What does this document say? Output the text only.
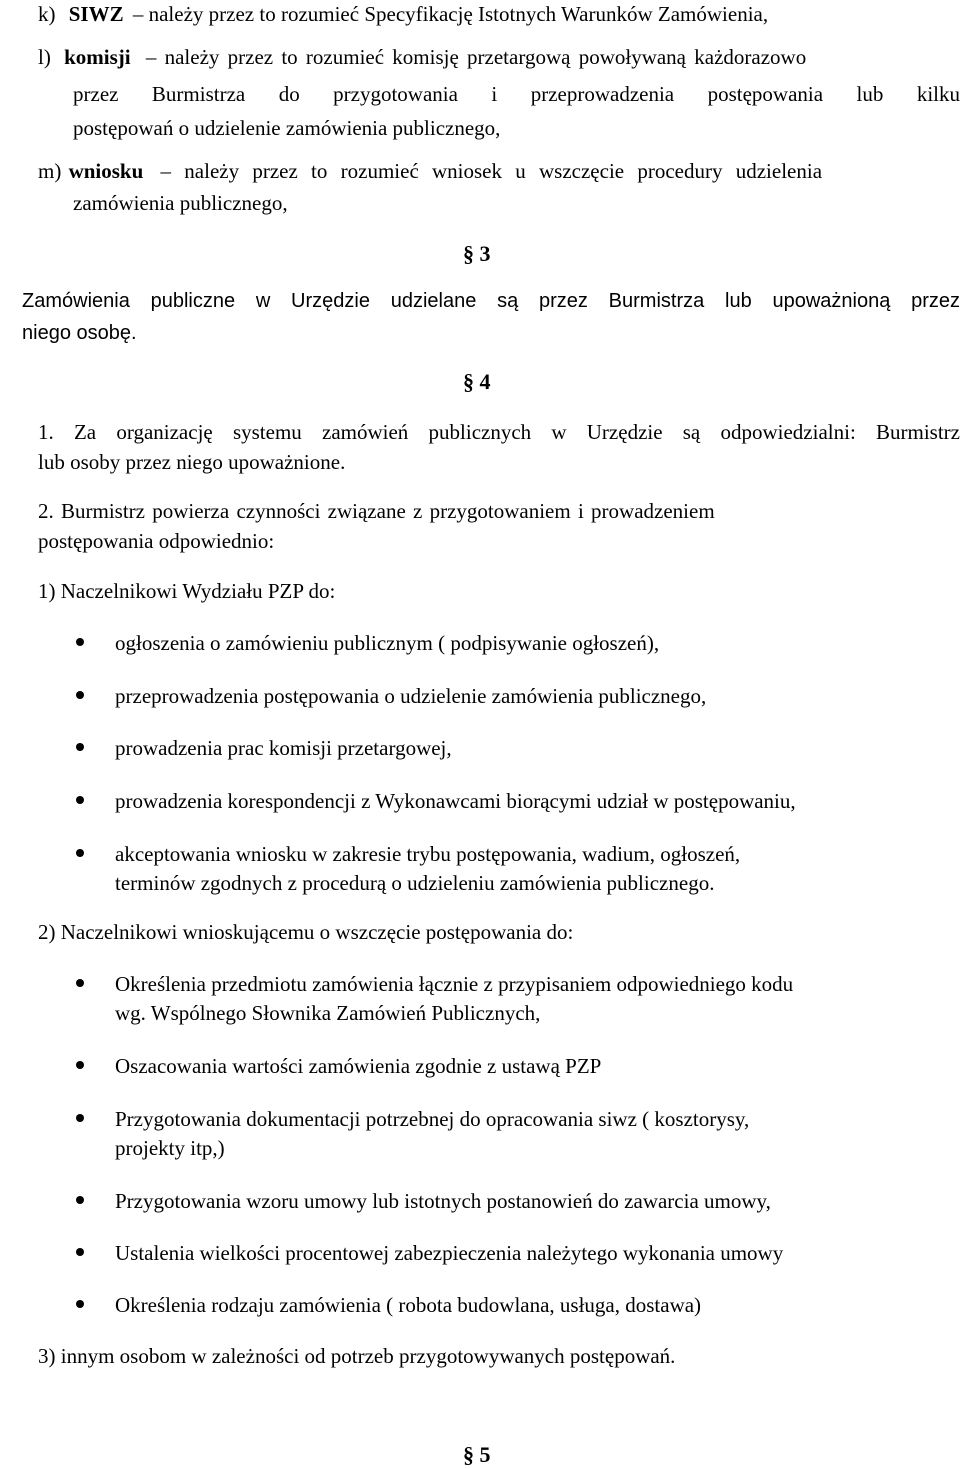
k) SIWZ – należy przez to rozumieć Specyfikację Istotnych Warunków Zamówienia,
l) komisji – należy przez to rozumieć komisję przetargową powoływaną każdorazowo
przez Burmistrza do przygotowania i przeprowadzenia postępowania lub kilku
postępowań o udzielenie zamówienia publicznego,
m) wniosku – należy przez to rozumieć wniosek u wszczęcie procedury udzielenia
zamówienia publicznego,
§ 3
Zamówienia publiczne w Urzędzie udzielane są przez Burmistrza lub upoważnioną przez
niego osobę.
§ 4
1. Za organizację systemu zamówień publicznych w Urzędzie są odpowiedzialni: Burmistrz
lub osoby przez niego upoważnione.
2. Burmistrz powierza czynności związane z przygotowaniem i prowadzeniem
postępowania odpowiednio:
1) Naczelnikowi Wydziału PZP do:
ogłoszenia o zamówieniu publicznym ( podpisywanie ogłoszeń),
przeprowadzenia postępowania o udzielenie zamówienia publicznego,
prowadzenia prac komisji przetargowej,
prowadzenia korespondencji z Wykonawcami biorącymi udział w postępowaniu,
akceptowania wniosku w zakresie trybu postępowania, wadium, ogłoszeń,
terminów zgodnych z procedurą o udzieleniu zamówienia publicznego.
2) Naczelnikowi wnioskującemu o wszczęcie postępowania do:
Określenia przedmiotu zamówienia łącznie z przypisaniem odpowiedniego kodu
wg. Wspólnego Słownika Zamówień Publicznych,
Oszacowania wartości zamówienia zgodnie z ustawą PZP
Przygotowania dokumentacji potrzebnej do opracowania siwz ( kosztorysy,
projekty itp,)
Przygotowania wzoru umowy lub istotnych postanowień do zawarcia umowy,
Ustalenia wielkości procentowej zabezpieczenia należytego wykonania umowy
Określenia rodzaju zamówienia ( robota budowlana, usługa, dostawa)
3) innym osobom w zależności od potrzeb przygotowywanych postępowań.
§ 5
